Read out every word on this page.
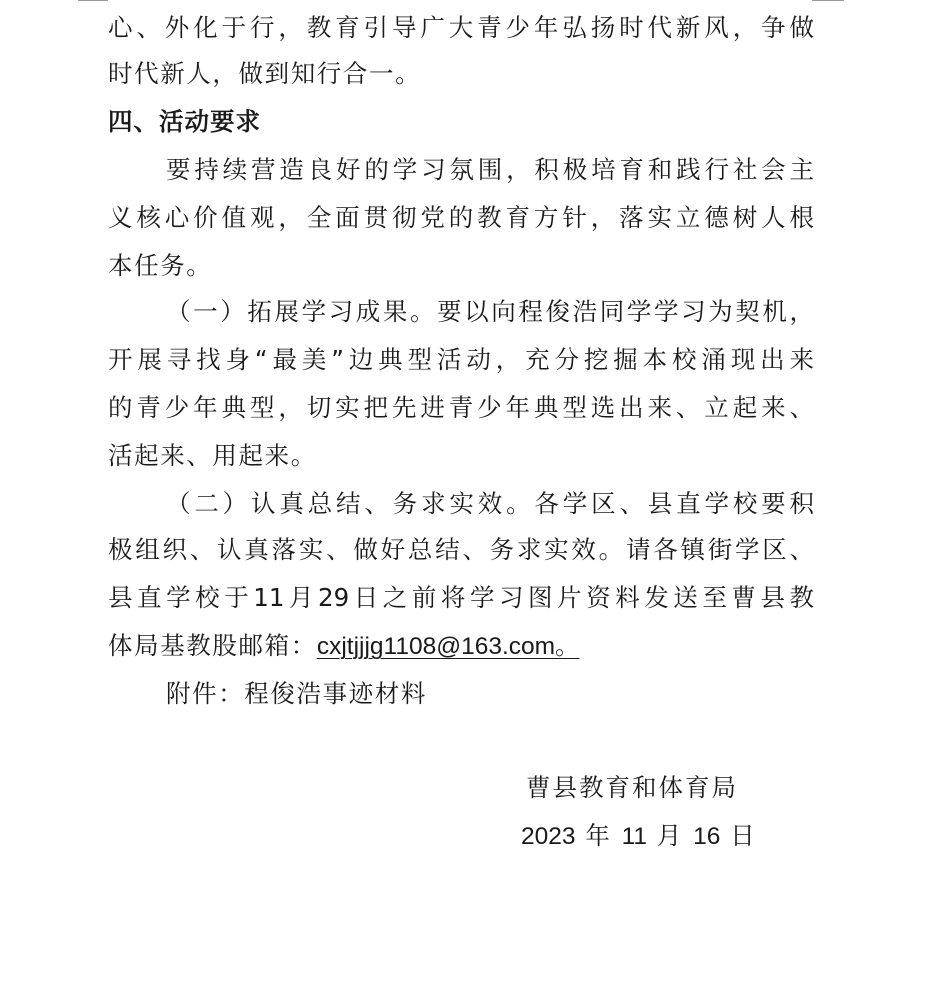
心、外化于行，教育引导广大青少年弘扬时代新风，争做
时代新人，做到知行合一。
四、活动要求
要持续营造良好的学习氛围，积极培育和践行社会主
义核心价值观，全面贯彻党的教育方针，落实立德树人根
本任务。
（一）拓展学习成果。要以向程俊浩同学学习为契机，
开展寻找身“最美”边典型活动，充分挖掘本校涌现出来
的青少年典型，切实把先进青少年典型选出来、立起来、
活起来、用起来。
（二）认真总结、务求实效。各学区、县直学校要积
极组织、认真落实、做好总结、务求实效。请各镇街学区、
县直学校于11月29日之前将学习图片资料发送至曹县教
体局基教股邮箱：cxjtjjjg1108@163.com。
附件：程俊浩事迹材料
曹县教育和体育局
2023 年 11 月 16 日
